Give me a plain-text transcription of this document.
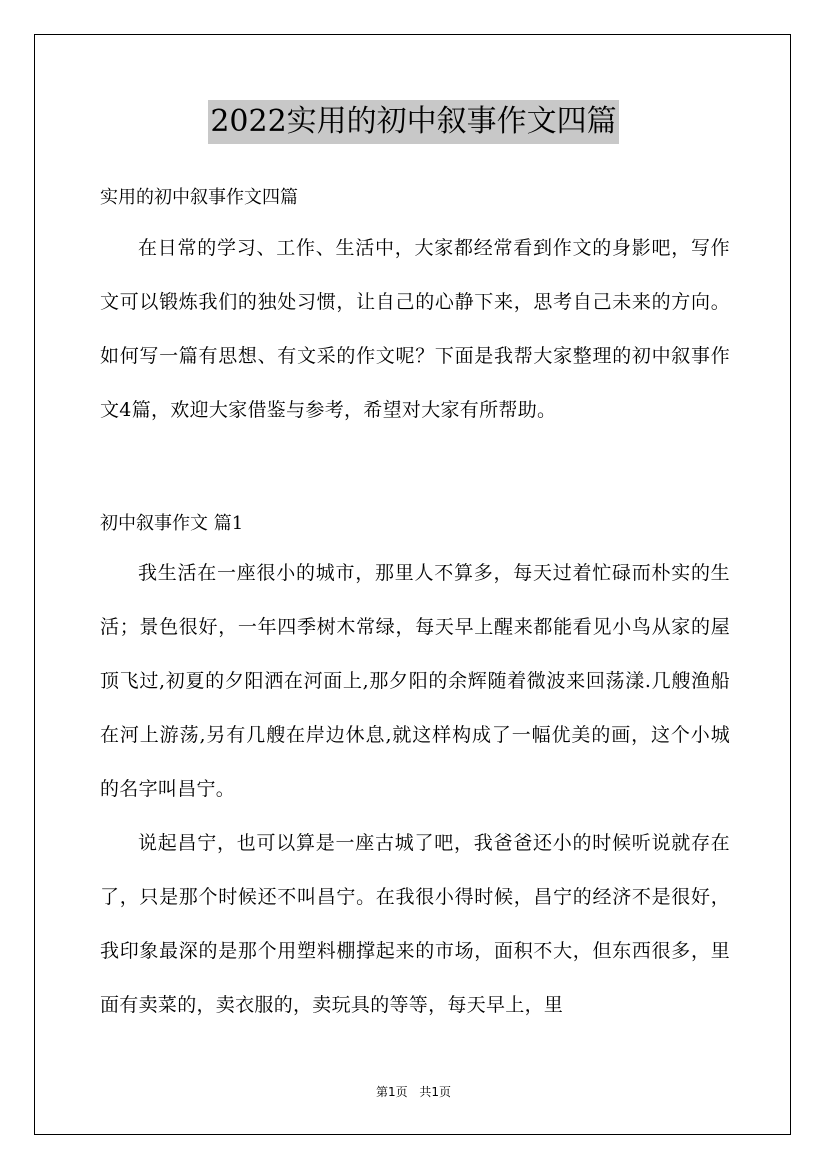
2022实用的初中叙事作文四篇
实用的初中叙事作文四篇

在日常的学习、工作、生活中，大家都经常看到作文的身影吧，写作文可以锻炼我们的独处习惯，让自己的心静下来，思考自己未来的方向。如何写一篇有思想、有文采的作文呢？下面是我帮大家整理的初中叙事作文4篇，欢迎大家借鉴与参考，希望对大家有所帮助。

初中叙事作文 篇1

我生活在一座很小的城市，那里人不算多，每天过着忙碌而朴实的生活；景色很好，一年四季树木常绿，每天早上醒来都能看见小鸟从家的屋顶飞过,初夏的夕阳洒在河面上,那夕阳的余辉随着微波来回荡漾.几艘渔船在河上游荡,另有几艘在岸边休息,就这样构成了一幅优美的画，这个小城的名字叫昌宁。

说起昌宁，也可以算是一座古城了吧，我爸爸还小的时候听说就存在了，只是那个时候还不叫昌宁。在我很小得时候，昌宁的经济不是很好，我印象最深的是那个用塑料棚撑起来的市场，面积不大，但东西很多，里面有卖菜的，卖衣服的，卖玩具的等等，每天早上，里

第1页 共1页
